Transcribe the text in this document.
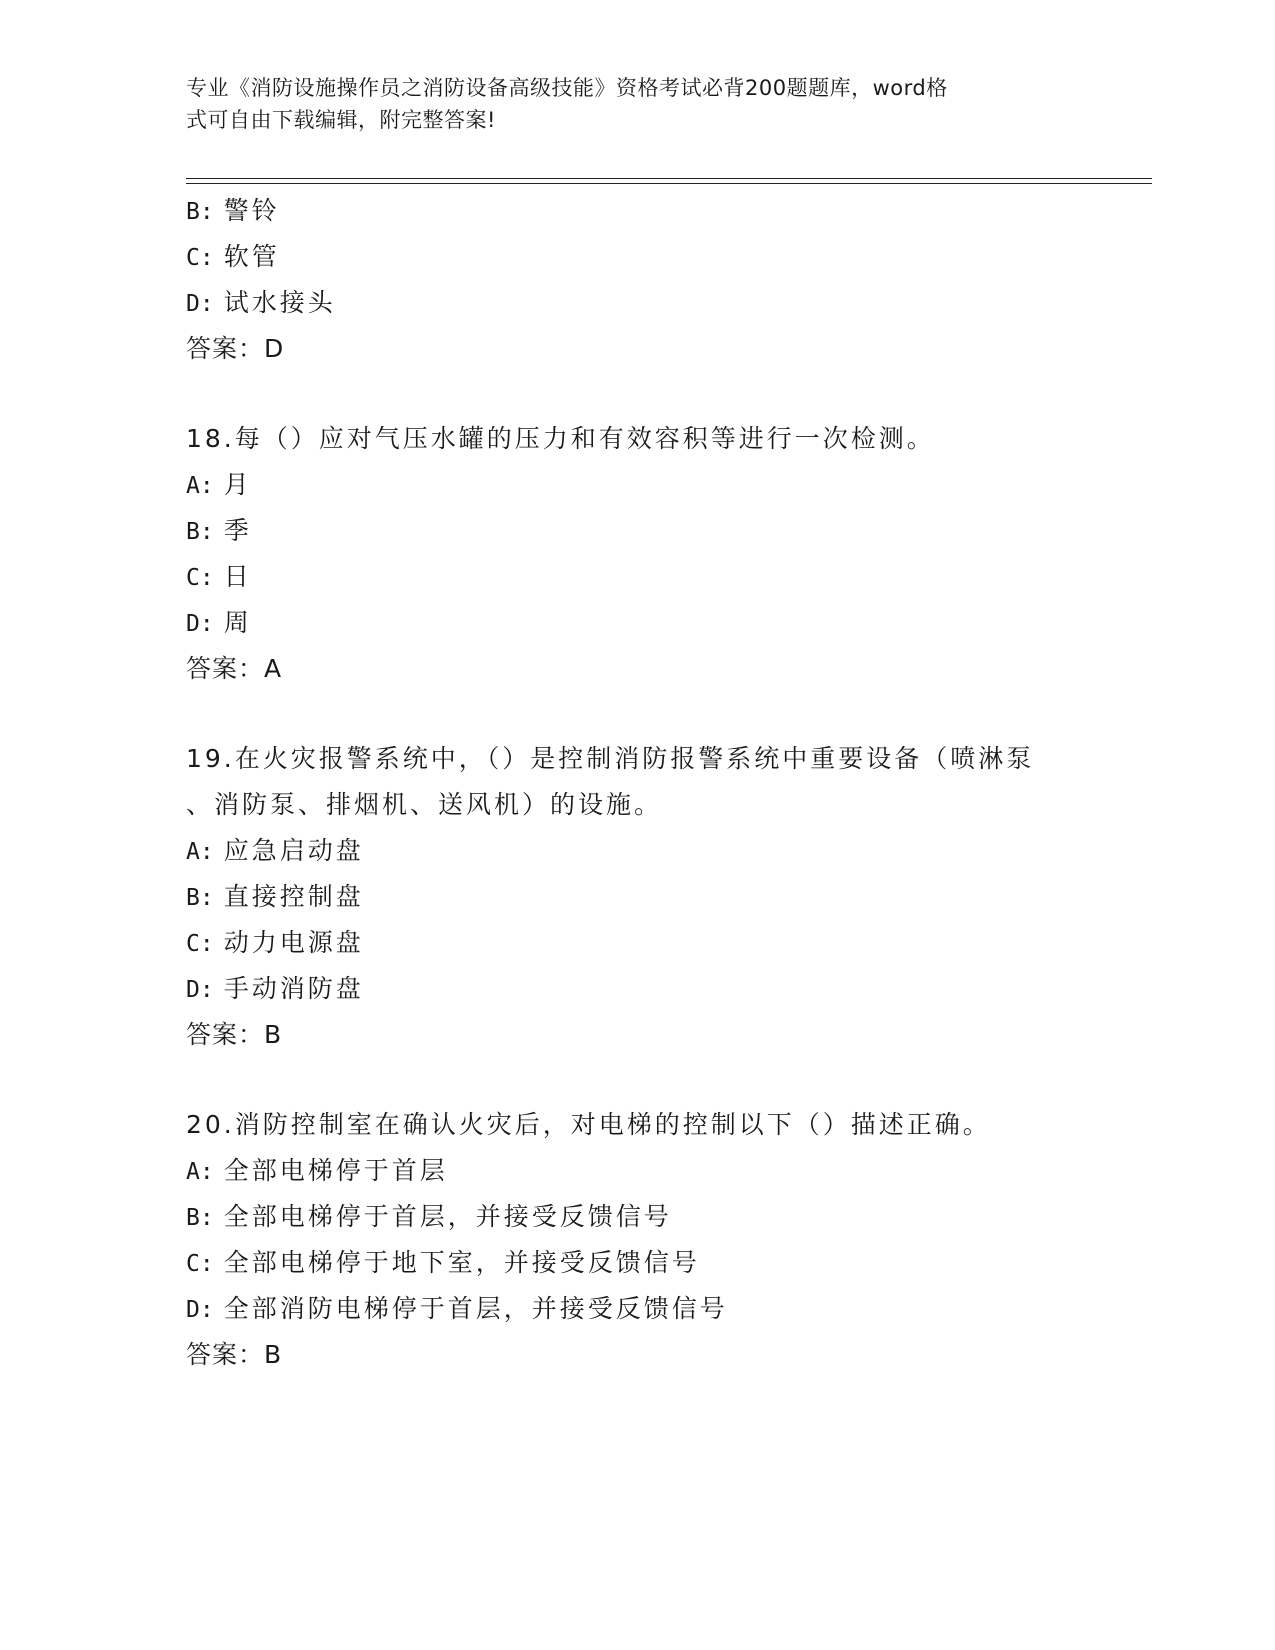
专业《消防设施操作员之消防设备高级技能》资格考试必背200题题库，word格
式可自由下载编辑，附完整答案!
B: 警铃
C: 软管
D: 试水接头
答案：D
18.每（）应对气压水罐的压力和有效容积等进行一次检测。
A: 月
B: 季
C: 日
D: 周
答案：A
19.在火灾报警系统中，（）是控制消防报警系统中重要设备（喷淋泵
、消防泵、排烟机、送风机）的设施。
A: 应急启动盘
B: 直接控制盘
C: 动力电源盘
D: 手动消防盘
答案：B
20.消防控制室在确认火灾后，对电梯的控制以下（）描述正确。
A: 全部电梯停于首层
B: 全部电梯停于首层，并接受反馈信号
C: 全部电梯停于地下室，并接受反馈信号
D: 全部消防电梯停于首层，并接受反馈信号
答案：B
